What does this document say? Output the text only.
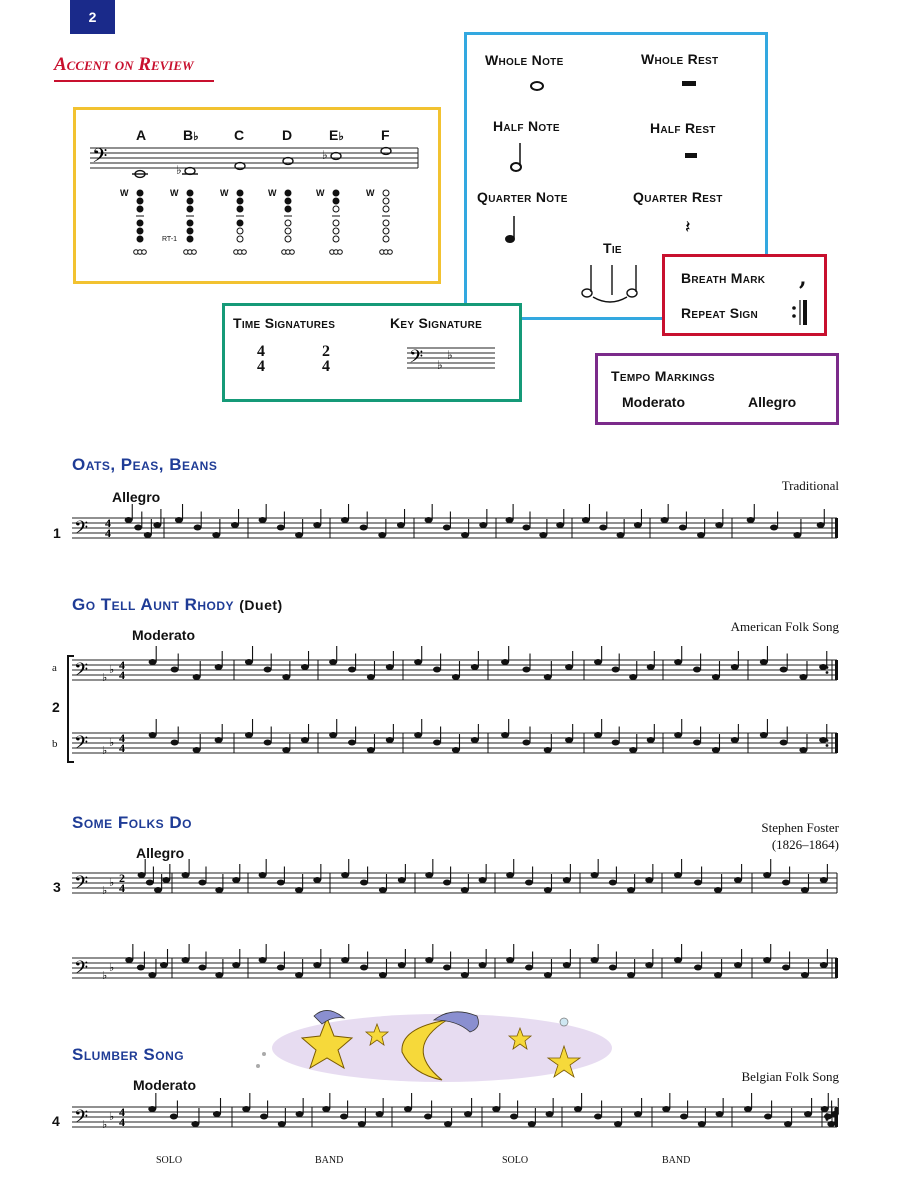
2
Accent on Review
A	B♭	C	D	E♭	F
𝄢	♭
♭
W	W	W	W	W	W
RT-1
Whole Note	Whole Rest
Half Note	Half Rest
Quarter Note	Quarter Rest
Tie
𝄽
Breath Mark ,
Repeat Sign
Time Signatures	Key Signature
4
4
2
4	𝄢 ♭
♭
Tempo Markings
Moderato	Allegro
Oats, Peas, Beans
Allegro
Traditional
1 𝄢 4
4
Go Tell Aunt Rhody (Duet)
Moderato
American Folk Song
2
a
b
𝄢 ♭
♭ 4
4
𝄢 ♭
♭ 4
4
Some Folks Do
Allegro
Stephen Foster
(1826–1864)
3 𝄢 ♭
♭ 2
4
𝄢 ♭
♭
Slumber Song
Moderato
Belgian Folk Song
4 𝄢 ♭
♭ 4
4
SOLO	BAND	SOLO	BAND
